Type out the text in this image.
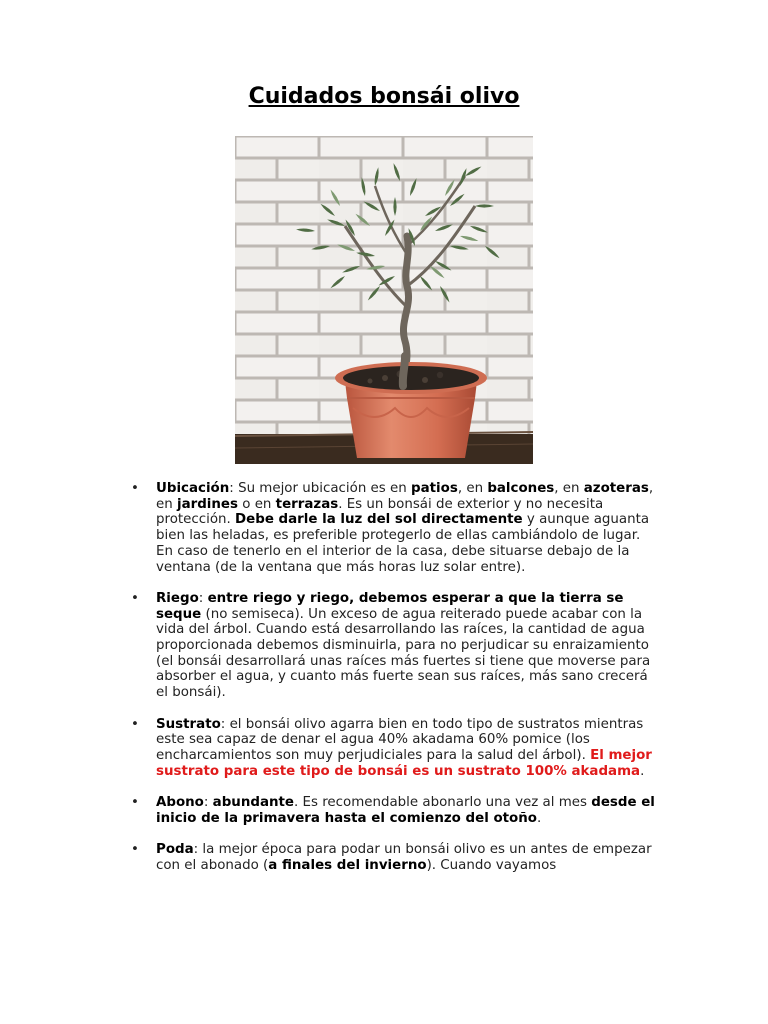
Cuidados bonsái olivo
• Ubicación: Su mejor ubicación es en patios, en balcones, en azoteras, en jardines o en terrazas. Es un bonsái de exterior y no necesita protección. Debe darle la luz del sol directamente y aunque aguanta bien las heladas, es preferible protegerlo de ellas cambiándolo de lugar. En caso de tenerlo en el interior de la casa, debe situarse debajo de la ventana (de la ventana que más horas luz solar entre).
• Riego: entre riego y riego, debemos esperar a que la tierra se seque (no semiseca). Un exceso de agua reiterado puede acabar con la vida del árbol. Cuando está desarrollando las raíces, la cantidad de agua proporcionada debemos disminuirla, para no perjudicar su enraizamiento (el bonsái desarrollará unas raíces más fuertes si tiene que moverse para absorber el agua, y cuanto más fuerte sean sus raíces, más sano crecerá el bonsái).
• Sustrato: el bonsái olivo agarra bien en todo tipo de sustratos mientras este sea capaz de denar el agua 40% akadama 60% pomice (los encharcamientos son muy perjudiciales para la salud del árbol). El mejor sustrato para este tipo de bonsái es un sustrato 100% akadama.
• Abono: abundante. Es recomendable abonarlo una vez al mes desde el inicio de la primavera hasta el comienzo del otoño.
• Poda: la mejor época para podar un bonsái olivo es un antes de empezar con el abonado (a finales del invierno). Cuando vayamos
